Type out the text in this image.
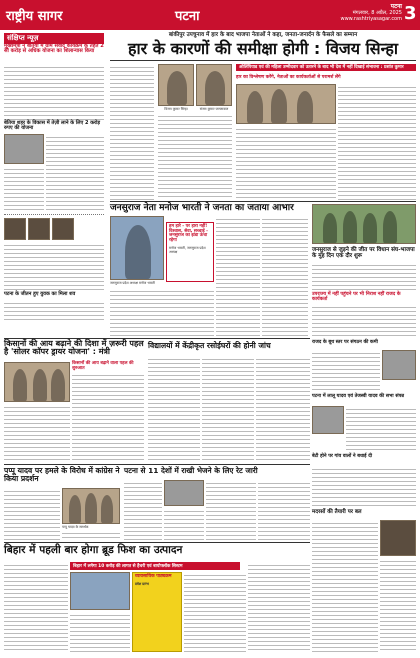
राष्ट्रीय सागर	पटना
पटना
मंगलवार, 8 अप्रैल, 2025
www.rashtriyasagar.com 3
संक्षिप्त न्यूज़
मुख्यमंत्री ने बेतिया में ग्राम संवाद कार्यक्रम के तहत 2 सौ करोड़ से अधिक योजना का शिलान्यास किया
बेतिया शहर के विकास में तेज़ी लाने के लिए 2 करोड़ रुपए की योजना
पटना के जीतन हुए युवक का मिला शव
बांकीपुर उपचुनाव में हार के बाद भाजपा नेताओं ने कहा, जनता-जनार्दन के फैसले का सम्मान
हार के कारणों की समीक्षा होगी : विजय सिन्हा
विजय कुमार सिन्हा	संजय कुमार जायसवाल
ओलिंपियाड एवं की महिला उम्मीदवार को उतारने के बाद भी देश में नहीं दिखाई संभावना : प्रशांत कुमार
हार का विश्लेषण करेंगे, नेताओं का कार्यकर्ताओं से परामर्श लेंगे
जनसुराज नेता मनोज भारती ने जनता का जताया आभार
जनसुराज प्रदेश अध्यक्ष मनोज भारती
हम हारे - पर हारा नहीं! विश्वास, सेवा, सच्चाई - जनसुराज का झंडा ऊंचा रहेगा
मनोज भारती, जनसुराज प्रदेश अध्यक्ष	जनसुराज से जुड़ने की जीत पर विधान संघ-भाजपा के मुंह दिन एक दौर शुरू
उपराज्य में नहीं पहुंचने पर भी निराश नहीं राजद के कार्यकर्ता
राजद के बूथ स्तर पर संगठन की कमी
पटना में लालू यादव एवं तेजस्वी यादव की सभा संपन्न
बेटी होने पर गांव वालों ने बधाई दी
किसानों की आय बढ़ाने की दिशा में ज़रूरी पहल है 'सोलर कॉपर ड्रायर योजना' : मंत्री
किसानों की आय बढ़ाने वाला पहल की शुरुआत
विद्यालयों में केंद्रीकृत रसोईघरों की होनी जांच
पप्पू यादव पर हमले के विरोध में कांग्रेस ने किया प्रदर्शन
पप्पू यादव के समर्थक
पटना से 11 देशों में राखी भेजने के लिए रेट जारी
बिहार में पहली बार होगा ब्रूड फिश का उत्पादन
बिहार में लगेगा 10 करोड़ की लागत से हैचरी एवं बायोफ्लॉक सिस्टम
व्यावसायिक पाठ्यक्रम
प्रवेश प्रारंभ
मदरसों की तैयारी पर बल
